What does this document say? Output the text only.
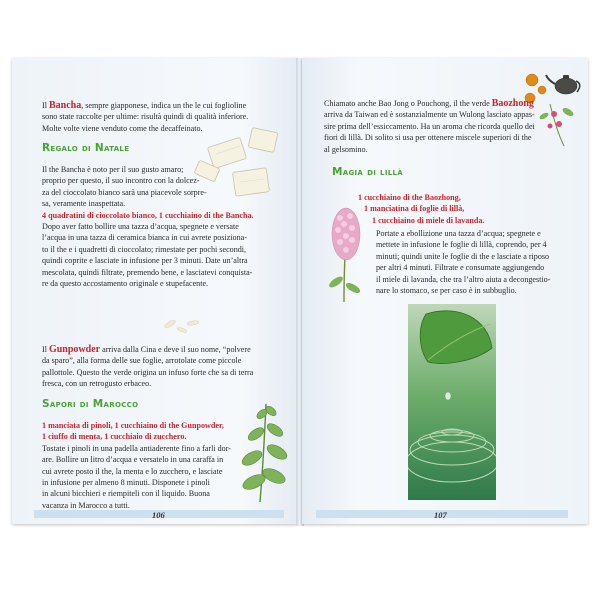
Il Bancha, sempre giapponese, indica un the le cui foglioline
sono state raccolte per ultime: risultà quindi di qualità inferiore.
Molte volte viene venduto come the decaffeinato.

Regalo di Natale

Il the Bancha è noto per il suo gusto amaro;
proprio per questo, il suo incontro con la dolcez-
za del cioccolato bianco sarà una piacevole sorpre-
sa, veramente inaspettata.
4 quadratini di cioccolato bianco, 1 cucchiaino di the Bancha.
Dopo aver fatto bollire una tazza d’acqua, spegnete e versate
l’acqua in una tazza di ceramica bianca in cui avrete posiziona-
to il the e i quadretti di cioccolato; rimestate per pochi secondi,
quindi coprite e lasciate in infusione per 3 minuti. Date un’altra
mescolata, quindi filtrate, premendo bene, e lasciatevi conquista-
re da questo accostamento originale e stupefacente.

Il Gunpowder arriva dalla Cina e deve il suo nome, “polvere
da sparo”, alla forma delle sue foglie, arrotolate come piccole
pallottole. Questo the verde origina un infuso forte che sa di terra
fresca, con un retrogusto erbaceo.

Sapori di Marocco

1 manciata di pinoli, 1 cucchiaino di the Gunpowder,
1 ciuffo di menta, 1 cucchiaio di zucchero.
Tostate i pinoli in una padella antiaderente fino a farli dor-
are. Bollire un litro d’acqua e versatelo in una caraffa in
cui avrete posto il the, la menta e lo zucchero, e lasciate
in infusione per almeno 8 minuti. Disponete i pinoli
in alcuni bicchieri e riempiteli con il liquido. Buona
vacanza in Marocco a tutti.

106

Chiamato anche Bao Jong o Pouchong, il the verde Baozhong
arriva da Taiwan ed è sostanzialmente un Wulong lasciato appas-
sire prima dell’essiccamento. Ha un aroma che ricorda quello dei
fiori di lillà. Di solito si usa per ottenere miscele superiori di the
al gelsomino.

Magia di lillà

1 cucchiaino di the Baozhong,
1 manciatina di foglie di lillà,
1 cucchiaino di miele di lavanda.

Portate a ebollizione una tazza d’acqua; spegnete e
mettete in infusione le foglie di lillà, coprendo, per 4
minuti; quindi unite le foglie di the e lasciate a riposo
per altri 4 minuti. Filtrate e consumate aggiungendo
il miele di lavanda, che tra l’altro aiuta a decongestio-
nare lo stomaco, se per caso è in subbuglio.

107
